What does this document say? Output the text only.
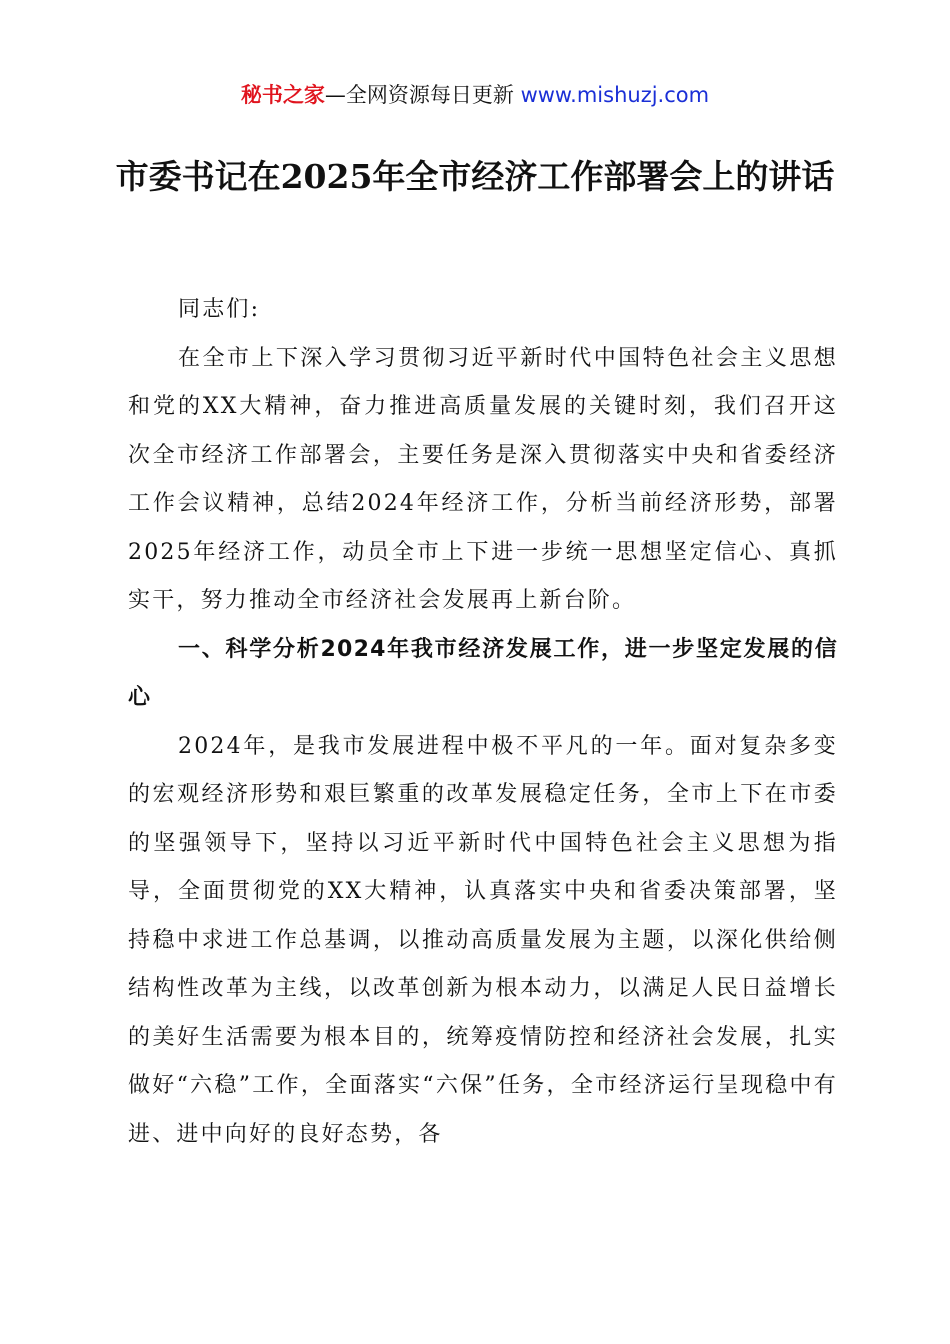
秘书之家—全网资源每日更新 www.mishuzj.com
市委书记在2025年全市经济工作部署会上的讲话

同志们:

在全市上下深入学习贯彻习近平新时代中国特色社会主义思想和党的XX大精神，奋力推进高质量发展的关键时刻，我们召开这次全市经济工作部署会，主要任务是深入贯彻落实中央和省委经济工作会议精神，总结2024年经济工作，分析当前经济形势，部署2025年经济工作，动员全市上下进一步统一思想坚定信心、真抓实干，努力推动全市经济社会发展再上新台阶。

一、科学分析2024年我市经济发展工作，进一步坚定发展的信心

2024年，是我市发展进程中极不平凡的一年。面对复杂多变的宏观经济形势和艰巨繁重的改革发展稳定任务，全市上下在市委的坚强领导下，坚持以习近平新时代中国特色社会主义思想为指导，全面贯彻党的XX大精神，认真落实中央和省委决策部署，坚持稳中求进工作总基调，以推动高质量发展为主题，以深化供给侧结构性改革为主线，以改革创新为根本动力，以满足人民日益增长的美好生活需要为根本目的，统筹疫情防控和经济社会发展，扎实做好“六稳”工作，全面落实“六保”任务，全市经济运行呈现稳中有进、进中向好的良好态势，各
